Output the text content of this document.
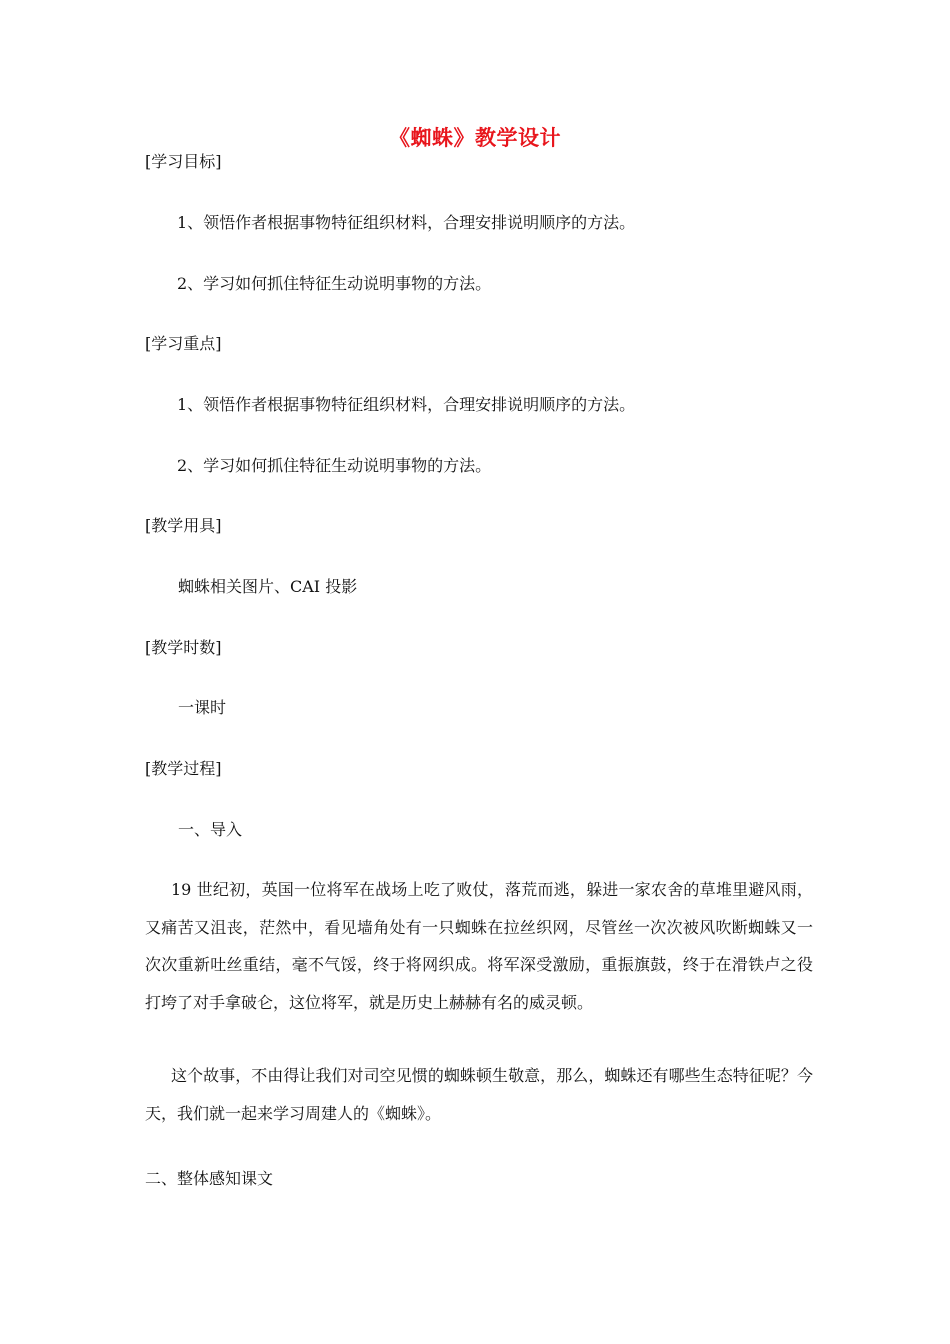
《蜘蛛》教学设计
[学习目标]
1、领悟作者根据事物特征组织材料，合理安排说明顺序的方法。
2、学习如何抓住特征生动说明事物的方法。
[学习重点]
1、领悟作者根据事物特征组织材料，合理安排说明顺序的方法。
2、学习如何抓住特征生动说明事物的方法。
[教学用具]
蜘蛛相关图片、CAI 投影
[教学时数]
一课时
[教学过程]
一、导入
19 世纪初，英国一位将军在战场上吃了败仗，落荒而逃，躲进一家农舍的草堆里避风雨，又痛苦又沮丧，茫然中，看见墙角处有一只蜘蛛在拉丝织网，尽管丝一次次被风吹断蜘蛛又一次次重新吐丝重结，毫不气馁，终于将网织成。将军深受激励，重振旗鼓，终于在滑铁卢之役打垮了对手拿破仑，这位将军，就是历史上赫赫有名的威灵顿。
这个故事，不由得让我们对司空见惯的蜘蛛顿生敬意，那么，蜘蛛还有哪些生态特征呢？今天，我们就一起来学习周建人的《蜘蛛》。
二、整体感知课文
